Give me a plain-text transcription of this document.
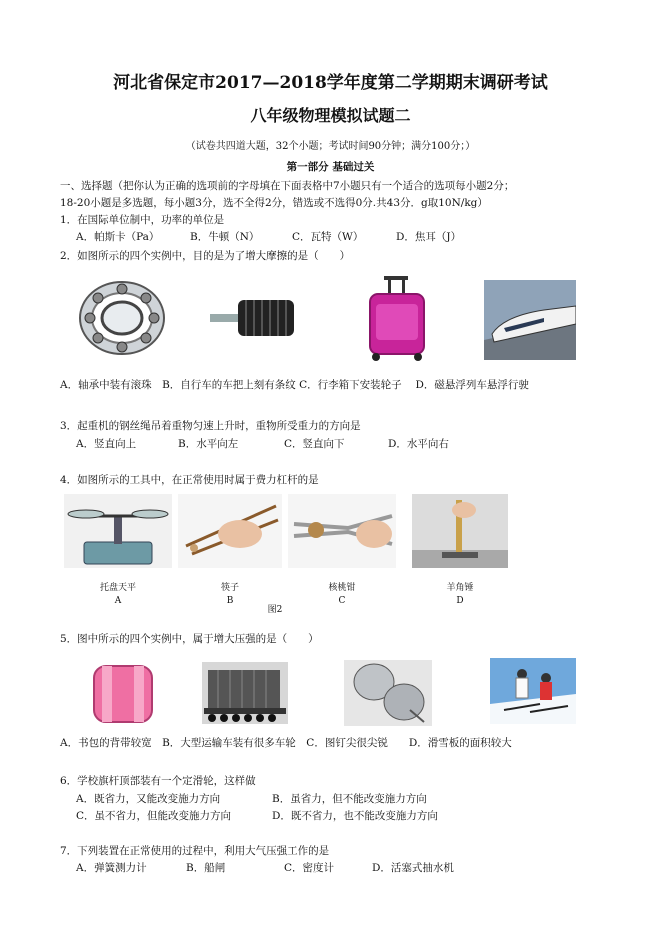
河北省保定市2017—2018学年度第二学期期末调研考试
八年级物理模拟试题二
（试卷共四道大题，32个小题；考试时间90分钟；满分100分；）
第一部分 基础过关
一、选择题（把你认为正确的选项前的字母填在下面表格中7小题只有一个适合的选项每小题2分；
18-20小题是多选题，每小题3分，选不全得2分，错选或不选得0分.共43分．g取10N/kg）
1．在国际单位制中，功率的单位是
A．帕斯卡（Pa）	B．牛顿（N）	C．瓦特（W）	D．焦耳（J）
2．如图所示的四个实例中，目的是为了增大摩擦的是（　　）
A．轴承中装有滚珠　B．自行车的车把上刻有条纹 C．行李箱下安装轮子　 D．磁悬浮列车悬浮行驶
3．起重机的钢丝绳吊着重物匀速上升时，重物所受重力的方向是
A．竖直向上	B．水平向左	C．竖直向下	D．水平向右
4．如图所示的工具中，在正常使用时属于费力杠杆的是
托盘天平
A
筷子
B
核桃钳
C
羊角锤
D
图2
5．图中所示的四个实例中，属于增大压强的是（　　）
A．书包的背带较宽　B．大型运输车装有很多车轮　C．图钉尖很尖锐　　D．滑雪板的面积较大
6．学校旗杆顶部装有一个定滑轮，这样做
A．既省力，又能改变施力方向	B．虽省力，但不能改变施力方向
C．虽不省力，但能改变施力方向	D．既不省力，也不能改变施力方向
7．下列装置在正常使用的过程中，利用大气压强工作的是
A．弹簧测力计	B．船闸	C．密度计	D．活塞式抽水机
